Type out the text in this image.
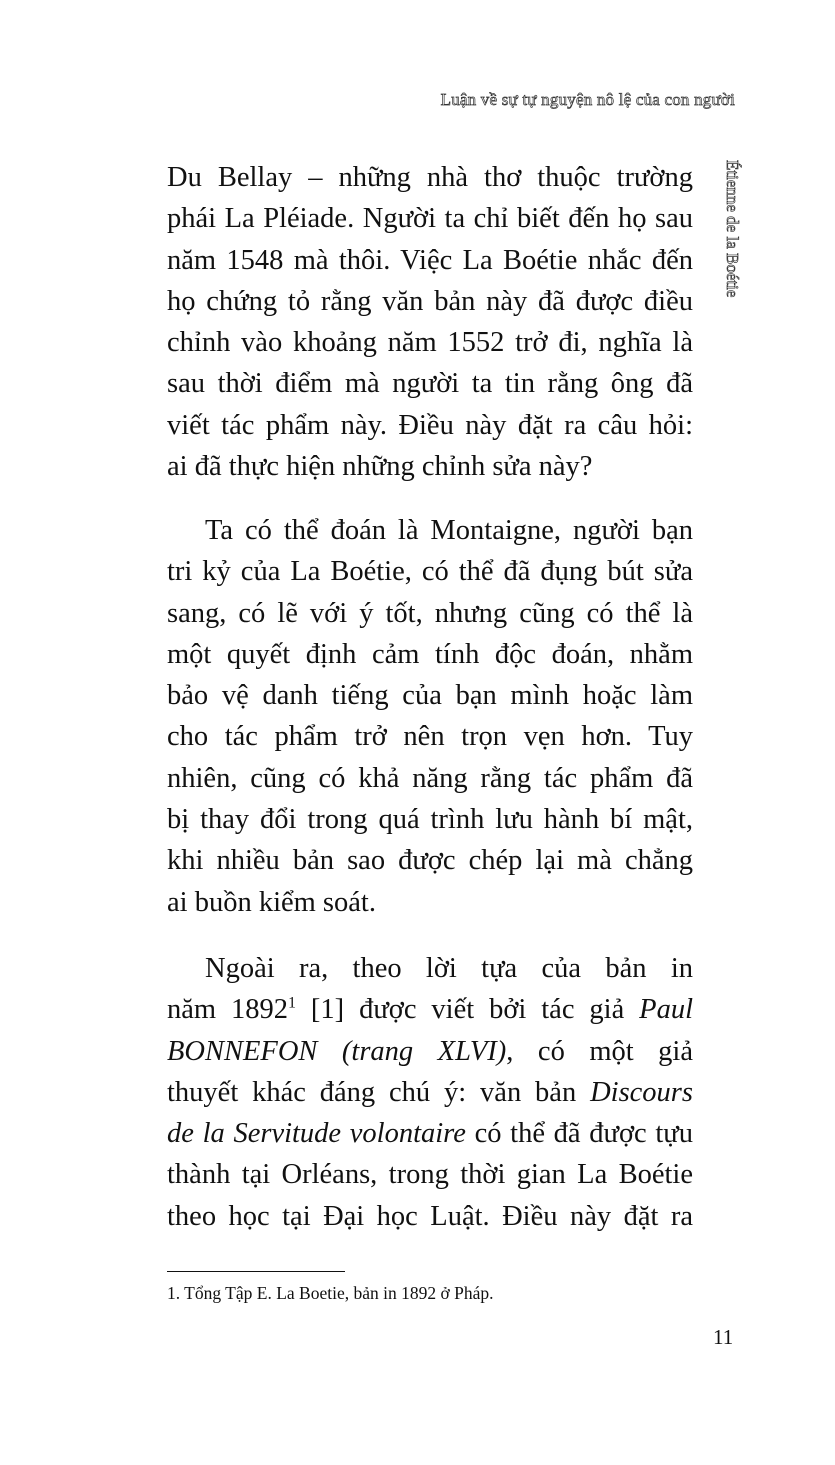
Luận về sự tự nguyện nô lệ của con người
Étienne de la Boétie
Du Bellay – những nhà thơ thuộc trường
phái La Pléiade. Người ta chỉ biết đến họ sau
năm 1548 mà thôi. Việc La Boétie nhắc đến
họ chứng tỏ rằng văn bản này đã được điều
chỉnh vào khoảng năm 1552 trở đi, nghĩa là
sau thời điểm mà người ta tin rằng ông đã
viết tác phẩm này. Điều này đặt ra câu hỏi:
ai đã thực hiện những chỉnh sửa này?
Ta có thể đoán là Montaigne, người bạn
tri kỷ của La Boétie, có thể đã đụng bút sửa
sang, có lẽ với ý tốt, nhưng cũng có thể là
một quyết định cảm tính độc đoán, nhằm
bảo vệ danh tiếng của bạn mình hoặc làm
cho tác phẩm trở nên trọn vẹn hơn. Tuy
nhiên, cũng có khả năng rằng tác phẩm đã
bị thay đổi trong quá trình lưu hành bí mật,
khi nhiều bản sao được chép lại mà chẳng
ai buồn kiểm soát.
Ngoài ra, theo lời tựa của bản in
năm 1892$^1$ [1] được viết bởi tác giả Paul
BONNEFON (trang XLVI), có một giả
thuyết khác đáng chú ý: văn bản Discours
de la Servitude volontaire có thể đã được tựu
thành tại Orléans, trong thời gian La Boétie
theo học tại Đại học Luật. Điều này đặt ra
1. Tổng Tập E. La Boetie, bản in 1892 ở Pháp.
11
